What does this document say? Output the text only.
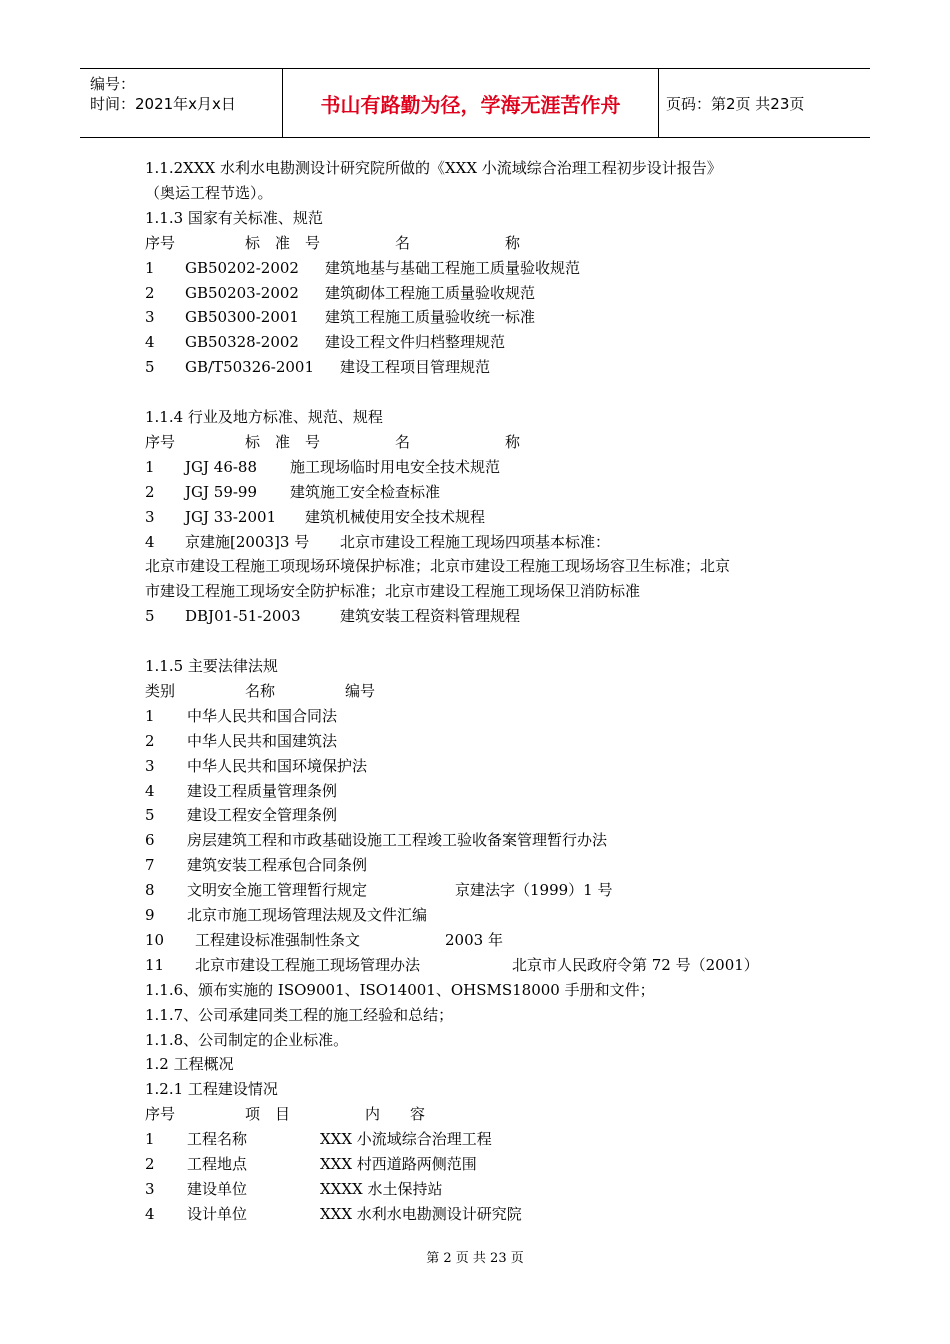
编号：
时间：2021年x月x日	书山有路勤为径，学海无涯苦作舟	页码：第2页 共23页
1.1.2XXX 水利水电勘测设计研究院所做的《XXX 小流域综合治理工程初步设计报告》
（奥运工程节选）。
1.1.3 国家有关标准、规范
序号	标　准　号	名	称
1 GB50202-2002 建筑地基与基础工程施工质量验收规范
2 GB50203-2002 建筑砌体工程施工质量验收规范
3 GB50300-2001 建筑工程施工质量验收统一标准
4 GB50328-2002 建设工程文件归档整理规范
5 GB/T50326-2001 建设工程项目管理规范
1.1.4 行业及地方标准、规范、规程
序号	标　准　号	名	称
1 JGJ 46-88 施工现场临时用电安全技术规范
2 JGJ 59-99 建筑施工安全检查标准
3 JGJ 33-2001 建筑机械使用安全技术规程
4 京建施[2003]3 号 北京市建设工程施工现场四项基本标准：
北京市建设工程施工项现场环境保护标准；北京市建设工程施工现场场容卫生标准；北京
市建设工程施工现场安全防护标准；北京市建设工程施工现场保卫消防标准
5 DBJ01-51-2003	建筑安装工程资料管理规程
1.1.5 主要法律法规
类别	名称	编号
1 中华人民共和国合同法
2 中华人民共和国建筑法
3 中华人民共和国环境保护法
4 建设工程质量管理条例
5 建设工程安全管理条例
6 房层建筑工程和市政基础设施工工程竣工验收备案管理暂行办法
7 建筑安装工程承包合同条例
8 文明安全施工管理暂行规定	京建法字（1999）1 号
9 北京市施工现场管理法规及文件汇编
10 工程建设标准强制性条文	2003 年
11 北京市建设工程施工现场管理办法	北京市人民政府令第 72 号（2001）
1.1.6、颁布实施的 ISO9001、ISO14001、OHSMS18000 手册和文件；
1.1.7、公司承建同类工程的施工经验和总结；
1.1.8、公司制定的企业标准。
1.2 工程概况
1.2.1 工程建设情况
序号	项　目	内　　容
1 工程名称	XXX 小流域综合治理工程
2 工程地点	XXX 村西道路两侧范围
3 建设单位	XXXX 水土保持站
4 设计单位	XXX 水利水电勘测设计研究院
第 2 页 共 23 页
